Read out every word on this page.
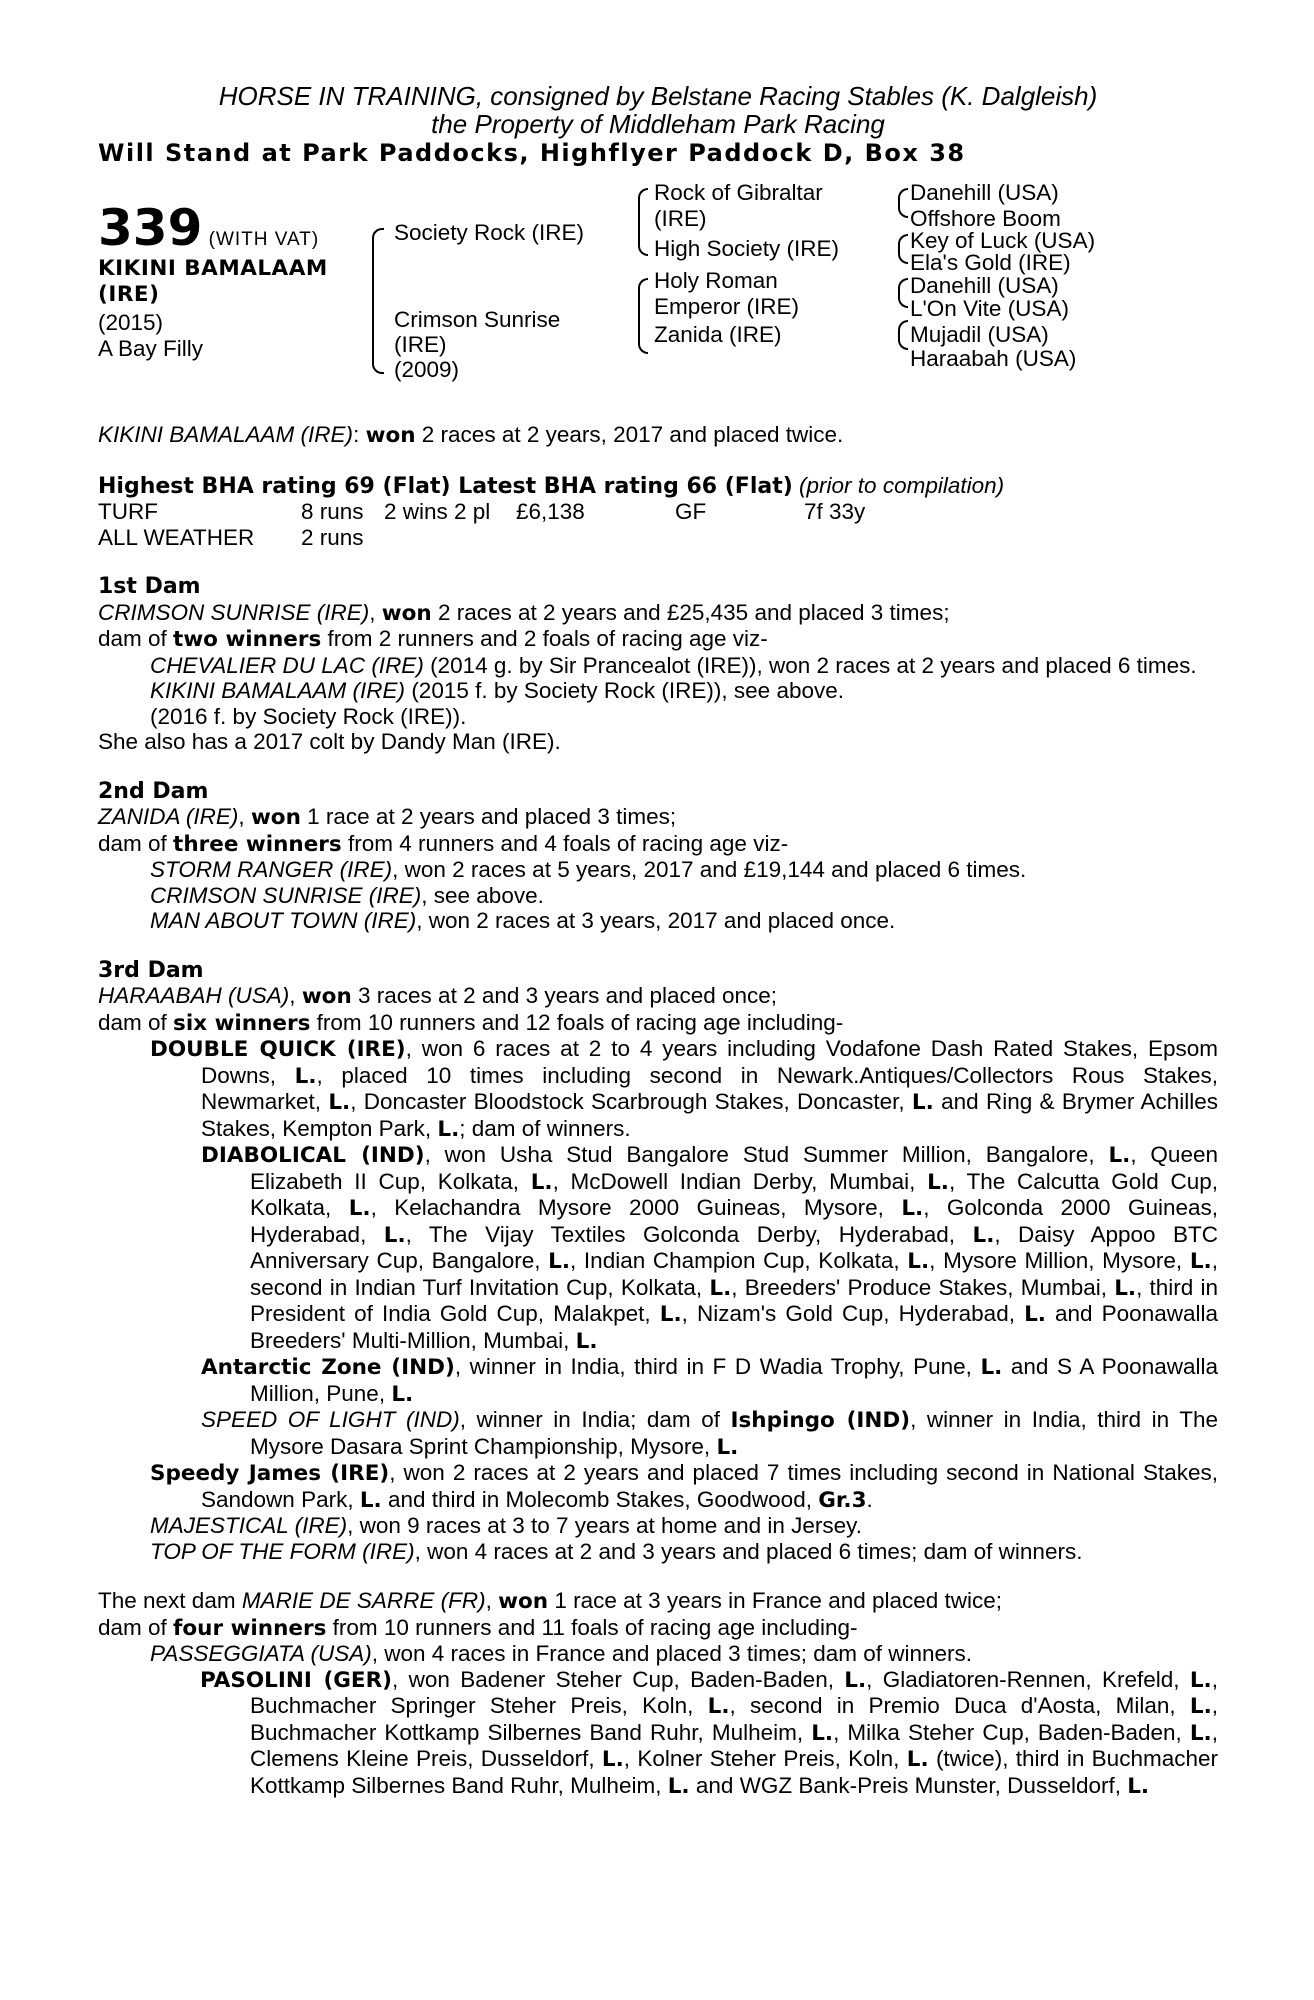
HORSE IN TRAINING, consigned by Belstane Racing Stables (K. Dalgleish)
the Property of Middleham Park Racing
Will Stand at Park Paddocks, Highflyer Paddock D, Box 38
339 (WITH VAT)
KIKINI BAMALAAM
(IRE)
(2015)
A Bay Filly
Society Rock (IRE)
Crimson Sunrise
(IRE)
(2009)
Rock of Gibraltar
(IRE)
High Society (IRE)
Holy Roman
Emperor (IRE)
Zanida (IRE)
Danehill (USA)
Offshore Boom
Key of Luck (USA)
Ela's Gold (IRE)
Danehill (USA)
L'On Vite (USA)
Mujadil (USA)
Haraabah (USA)
KIKINI BAMALAAM (IRE): won 2 races at 2 years, 2017 and placed twice.
Highest BHA rating 69 (Flat) Latest BHA rating 66 (Flat) (prior to compilation)
TURF	8 runs 2 wins 2 pl	£6,138	GF	7f 33y
ALL WEATHER	2 runs
1st Dam
CRIMSON SUNRISE (IRE), won 2 races at 2 years and £25,435 and placed 3 times;
dam of two winners from 2 runners and 2 foals of racing age viz-
CHEVALIER DU LAC (IRE) (2014 g. by Sir Prancealot (IRE)), won 2 races at 2 years and placed 6 times.
KIKINI BAMALAAM (IRE) (2015 f. by Society Rock (IRE)), see above.
(2016 f. by Society Rock (IRE)).
She also has a 2017 colt by Dandy Man (IRE).
2nd Dam
ZANIDA (IRE), won 1 race at 2 years and placed 3 times;
dam of three winners from 4 runners and 4 foals of racing age viz-
STORM RANGER (IRE), won 2 races at 5 years, 2017 and £19,144 and placed 6 times.
CRIMSON SUNRISE (IRE), see above.
MAN ABOUT TOWN (IRE), won 2 races at 3 years, 2017 and placed once.
3rd Dam
HARAABAH (USA), won 3 races at 2 and 3 years and placed once;
dam of six winners from 10 runners and 12 foals of racing age including-
DOUBLE QUICK (IRE), won 6 races at 2 to 4 years including Vodafone Dash Rated Stakes, Epsom Downs, L., placed 10 times including second in Newark.Antiques/Collectors Rous Stakes, Newmarket, L., Doncaster Bloodstock Scarbrough Stakes, Doncaster, L. and Ring & Brymer Achilles Stakes, Kempton Park, L.; dam of winners.
DIABOLICAL (IND), won Usha Stud Bangalore Stud Summer Million, Bangalore, L., Queen Elizabeth II Cup, Kolkata, L., McDowell Indian Derby, Mumbai, L., The Calcutta Gold Cup, Kolkata, L., Kelachandra Mysore 2000 Guineas, Mysore, L., Golconda 2000 Guineas, Hyderabad, L., The Vijay Textiles Golconda Derby, Hyderabad, L., Daisy Appoo BTC Anniversary Cup, Bangalore, L., Indian Champion Cup, Kolkata, L., Mysore Million, Mysore, L., second in Indian Turf Invitation Cup, Kolkata, L., Breeders' Produce Stakes, Mumbai, L., third in President of India Gold Cup, Malakpet, L., Nizam's Gold Cup, Hyderabad, L. and Poonawalla Breeders' Multi-Million, Mumbai, L.
Antarctic Zone (IND), winner in India, third in F D Wadia Trophy, Pune, L. and S A Poonawalla Million, Pune, L.
SPEED OF LIGHT (IND), winner in India; dam of Ishpingo (IND), winner in India, third in The Mysore Dasara Sprint Championship, Mysore, L.
Speedy James (IRE), won 2 races at 2 years and placed 7 times including second in National Stakes, Sandown Park, L. and third in Molecomb Stakes, Goodwood, Gr.3.
MAJESTICAL (IRE), won 9 races at 3 to 7 years at home and in Jersey.
TOP OF THE FORM (IRE), won 4 races at 2 and 3 years and placed 6 times; dam of winners.
The next dam MARIE DE SARRE (FR), won 1 race at 3 years in France and placed twice;
dam of four winners from 10 runners and 11 foals of racing age including-
PASSEGGIATA (USA), won 4 races in France and placed 3 times; dam of winners.
PASOLINI (GER), won Badener Steher Cup, Baden-Baden, L., Gladiatoren-Rennen, Krefeld, L., Buchmacher Springer Steher Preis, Koln, L., second in Premio Duca d'Aosta, Milan, L., Buchmacher Kottkamp Silbernes Band Ruhr, Mulheim, L., Milka Steher Cup, Baden-Baden, L., Clemens Kleine Preis, Dusseldorf, L., Kolner Steher Preis, Koln, L. (twice), third in Buchmacher Kottkamp Silbernes Band Ruhr, Mulheim, L. and WGZ Bank-Preis Munster, Dusseldorf, L.
